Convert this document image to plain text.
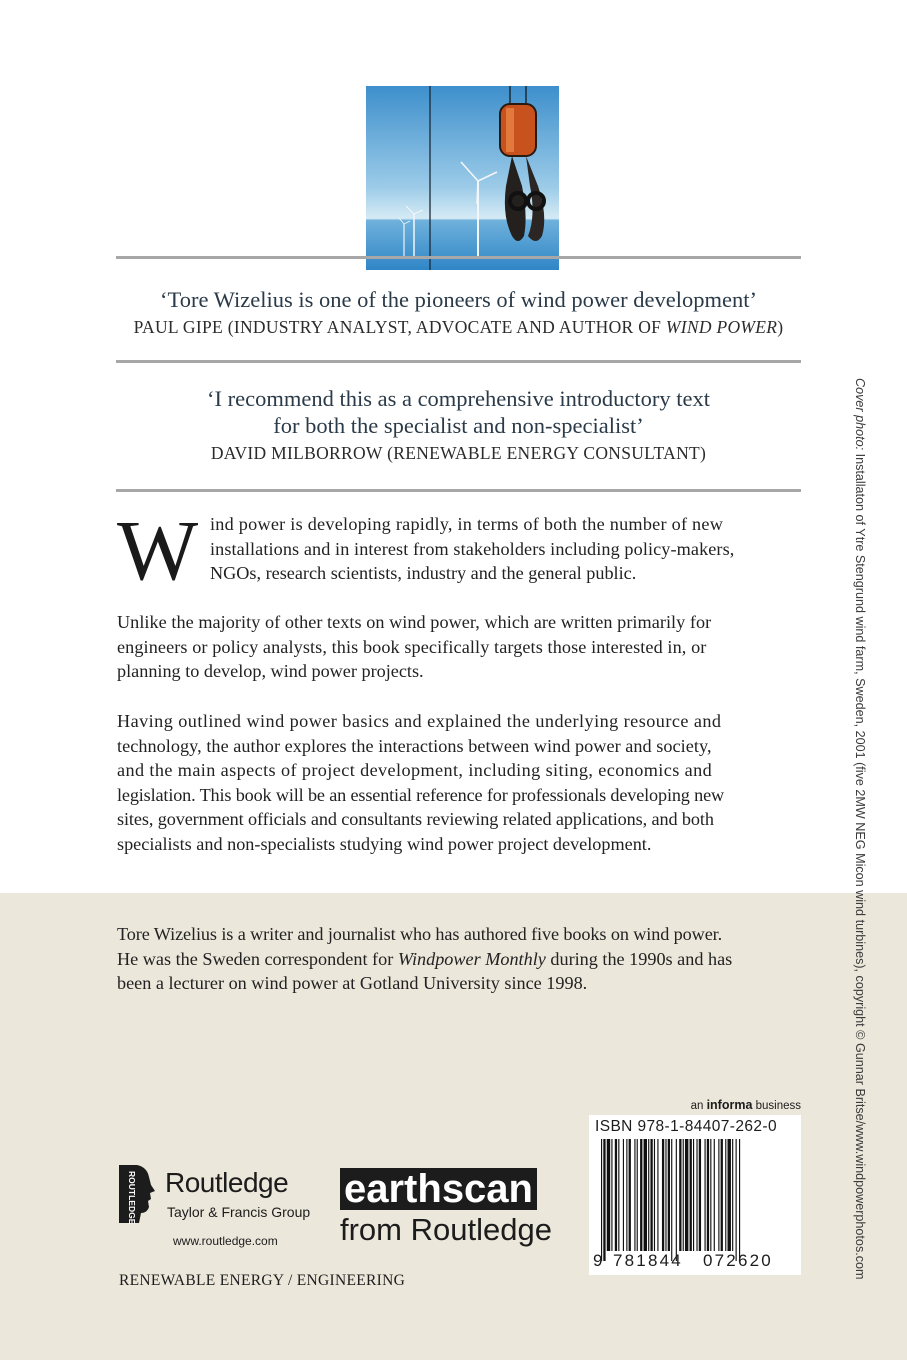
‘Tore Wizelius is one of the pioneers of wind power development’
PAUL GIPE (INDUSTRY ANALYST, ADVOCATE AND AUTHOR OF WIND POWER)
‘I recommend this as a comprehensive introductory text
for both the specialist and non-specialist’
DAVID MILBORROW (RENEWABLE ENERGY CONSULTANT)
W ind power is developing rapidly, in terms of both the number of new
installations and in interest from stakeholders including policy-makers,
NGOs, research scientists, industry and the general public.
Unlike the majority of other texts on wind power, which are written primarily for
engineers or policy analysts, this book specifically targets those interested in, or
planning to develop, wind power projects.
Having outlined wind power basics and explained the underlying resource and
technology, the author explores the interactions between wind power and society,
and the main aspects of project development, including siting, economics and
legislation. This book will be an essential reference for professionals developing new
sites, government officials and consultants reviewing related applications, and both
specialists and non-specialists studying wind power project development.
Tore Wizelius is a writer and journalist who has authored five books on wind power.
He was the Sweden correspondent for Windpower Monthly during the 1990s and has
been a lecturer on wind power at Gotland University since 1998.
Cover photo: Installaton of Ytre Stengrund wind farm, Sweden, 2001 (five 2MW NEG Micon wind turbines), copyright © Gunnar Britse/www.windpowerphotos.com
ROUTLEDGE Routledge
Taylor & Francis Group
www.routledge.com
earthscan
from Routledge
an informa business
ISBN 978-1-84407-262-0
9 781844 072620
RENEWABLE ENERGY / ENGINEERING
